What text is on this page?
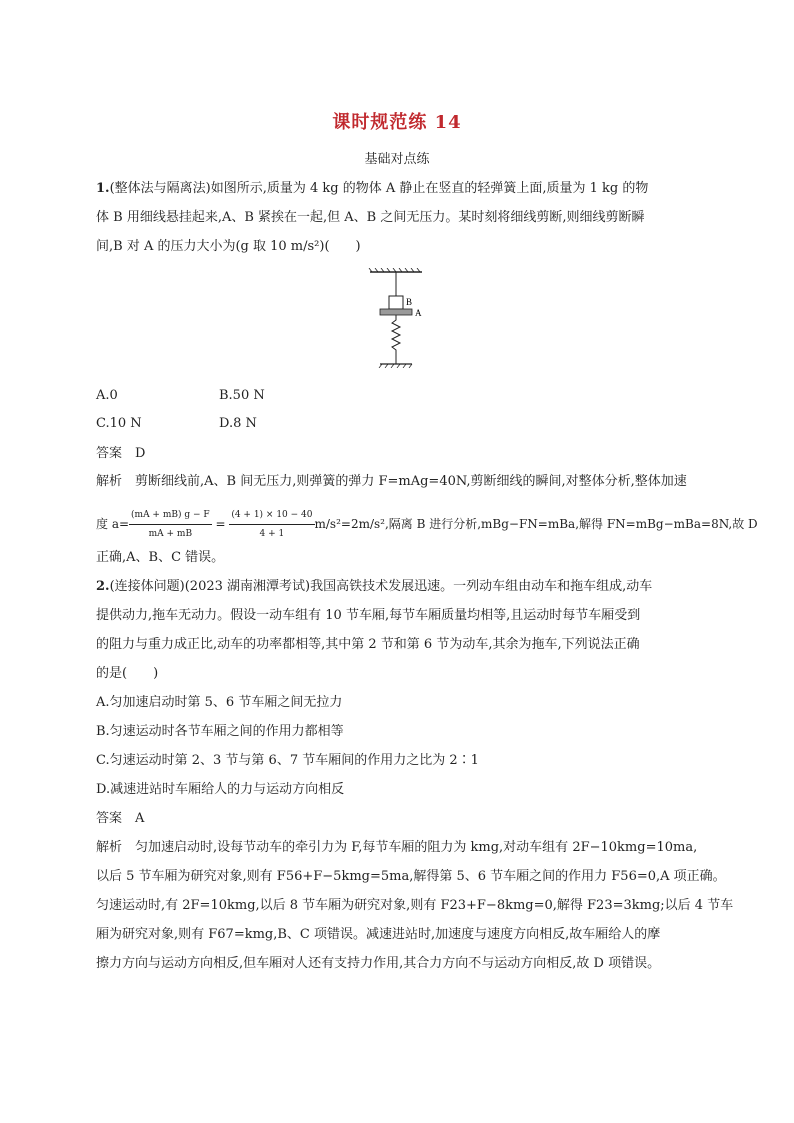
课时规范练 14
基础对点练
1.(整体法与隔离法)如图所示,质量为 4 kg 的物体 A 静止在竖直的轻弹簧上面,质量为 1 kg 的物
体 B 用细线悬挂起来,A、B 紧挨在一起,但 A、B 之间无压力。某时刻将细线剪断,则细线剪断瞬
间,B 对 A 的压力大小为(g 取 10 m/s²)(　　)
B
A
A.0	B.50 N
C.10 N	D.8 N
答案　D
解析　剪断细线前,A、B 间无压力,则弹簧的弹力 F=mAg=40N,剪断细线的瞬间,对整体分析,整体加速
度 $a= \frac{(mA + mB) g - F}{mA + mB} = \frac{(4 + 1) \times 10 - 40}{4 + 1} m/s^2=2m/s^2$,隔离 B 进行分析,mBg−FN=mBa,解得 FN=mBg−mBa=8N,故 D
正确,A、B、C 错误。
2.(连接体问题)(2023 湖南湘潭考试)我国高铁技术发展迅速。一列动车组由动车和拖车组成,动车
提供动力,拖车无动力。假设一动车组有 10 节车厢,每节车厢质量均相等,且运动时每节车厢受到
的阻力与重力成正比,动车的功率都相等,其中第 2 节和第 6 节为动车,其余为拖车,下列说法正确
的是(　　)
A.匀加速启动时第 5、6 节车厢之间无拉力
B.匀速运动时各节车厢之间的作用力都相等
C.匀速运动时第 2、3 节与第 6、7 节车厢间的作用力之比为 2∶1
D.减速进站时车厢给人的力与运动方向相反
答案　A
解析　匀加速启动时,设每节动车的牵引力为 F,每节车厢的阻力为 kmg,对动车组有 2F−10kmg=10ma,
以后 5 节车厢为研究对象,则有 F56+F−5kmg=5ma,解得第 5、6 节车厢之间的作用力 F56=0,A 项正确。
匀速运动时,有 2F=10kmg,以后 8 节车厢为研究对象,则有 F23+F−8kmg=0,解得 F23=3kmg;以后 4 节车
厢为研究对象,则有 F67=kmg,B、C 项错误。减速进站时,加速度与速度方向相反,故车厢给人的摩
擦力方向与运动方向相反,但车厢对人还有支持力作用,其合力方向不与运动方向相反,故 D 项错误。
